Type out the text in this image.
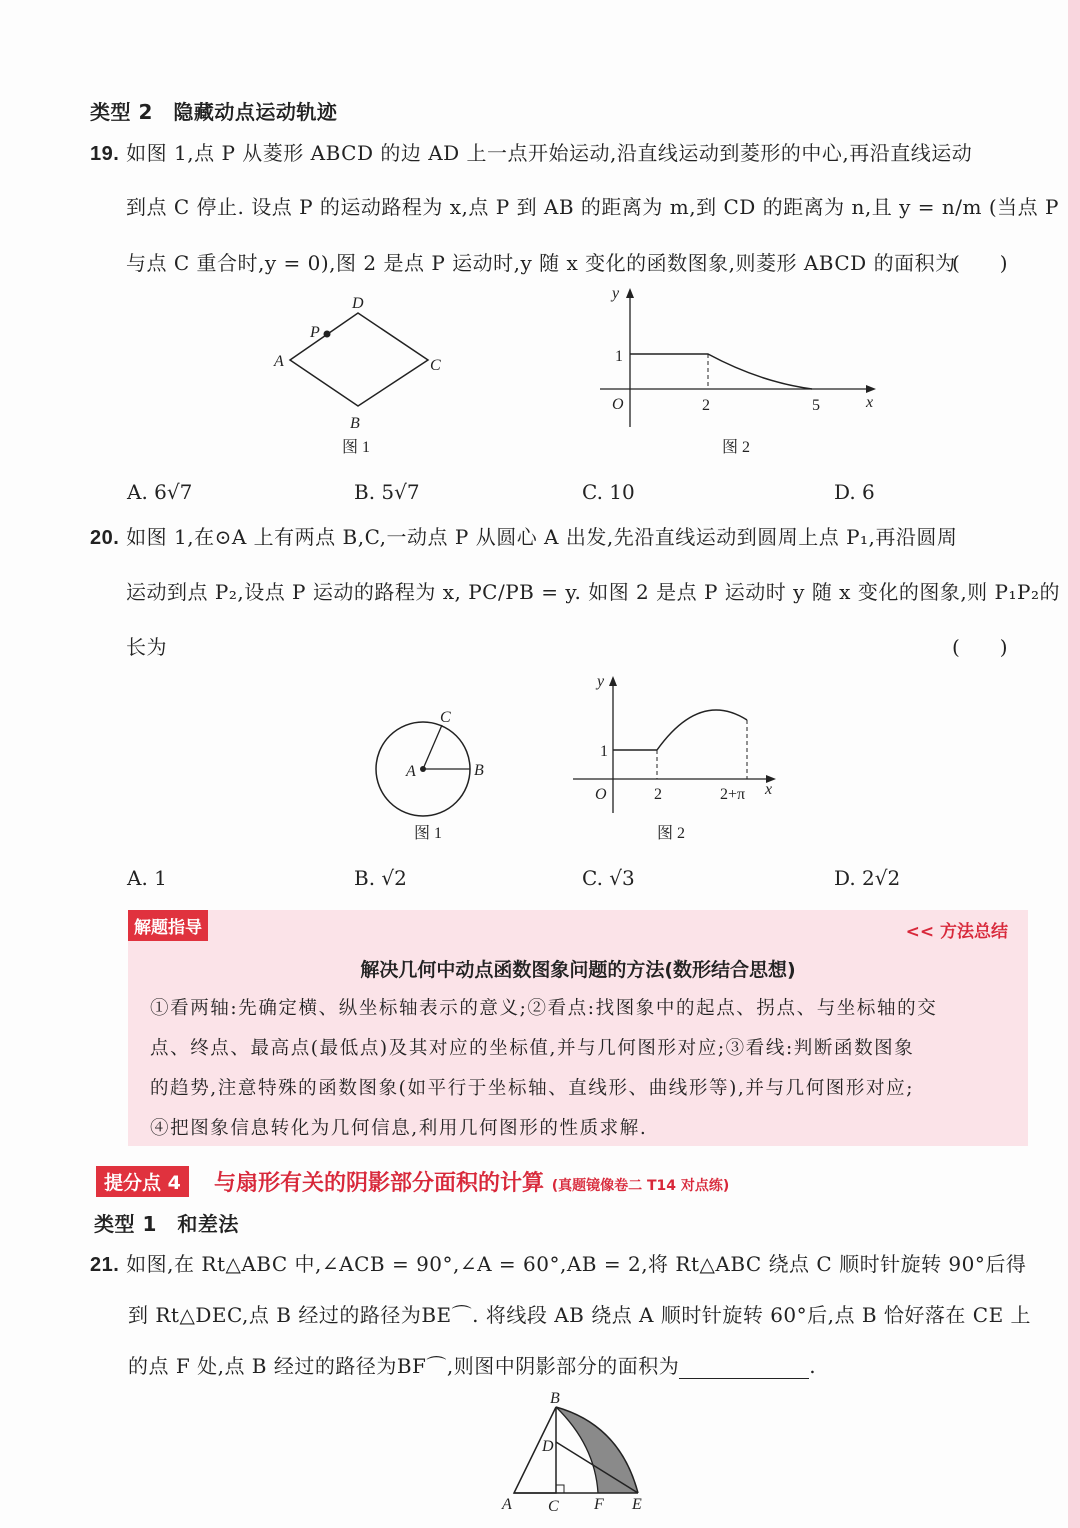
类型 2　隐藏动点运动轨迹
19. 如图 1,点 P 从菱形 ABCD 的边 AD 上一点开始运动,沿直线运动到菱形的中心,再沿直线运动
到点 C 停止. 设点 P 的运动路程为 x,点 P 到 AB 的距离为 m,到 CD 的距离为 n,且 y = n/m (当点 P
与点 C 重合时,y = 0),图 2 是点 P 运动时,y 随 x 变化的函数图象,则菱形 ABCD 的面积为
(　　)
A
B
C
D
P
图 1
y
x
O
1
2	5
图 2
A. 6√7	B. 5√7	C. 10	D. 6
20. 如图 1,在⊙A 上有两点 B,C,一动点 P 从圆心 A 出发,先沿直线运动到圆周上点 P₁,再沿圆周
运动到点 P₂,设点 P 运动的路程为 x, PC/PB = y. 如图 2 是点 P 运动时 y 随 x 变化的图象,则 P₁P₂的
长为	(　　)
A	B
C
图 1
y
x
O
1
2	2+π
图 2
A. 1	B. √2	C. √3	D. 2√2
解题指导	<< 方法总结
解决几何中动点函数图象问题的方法(数形结合思想)
①看两轴:先确定横、纵坐标轴表示的意义;②看点:找图象中的起点、拐点、与坐标轴的交
点、终点、最高点(最低点)及其对应的坐标值,并与几何图形对应;③看线:判断函数图象
的趋势,注意特殊的函数图象(如平行于坐标轴、直线形、曲线形等),并与几何图形对应;
④把图象信息转化为几何信息,利用几何图形的性质求解.
提分点 4	与扇形有关的阴影部分面积的计算 (真题镜像卷二 T14 对点练)
类型 1　和差法
21. 如图,在 Rt△ABC 中,∠ACB = 90°,∠A = 60°,AB = 2,将 Rt△ABC 绕点 C 顺时针旋转 90°后得
到 Rt△DEC,点 B 经过的路径为BE⌒. 将线段 AB 绕点 A 顺时针旋转 60°后,点 B 恰好落在 CE 上
的点 F 处,点 B 经过的路径为BF⌒,则图中阴影部分的面积为	.
A
B
C
D
E
F
